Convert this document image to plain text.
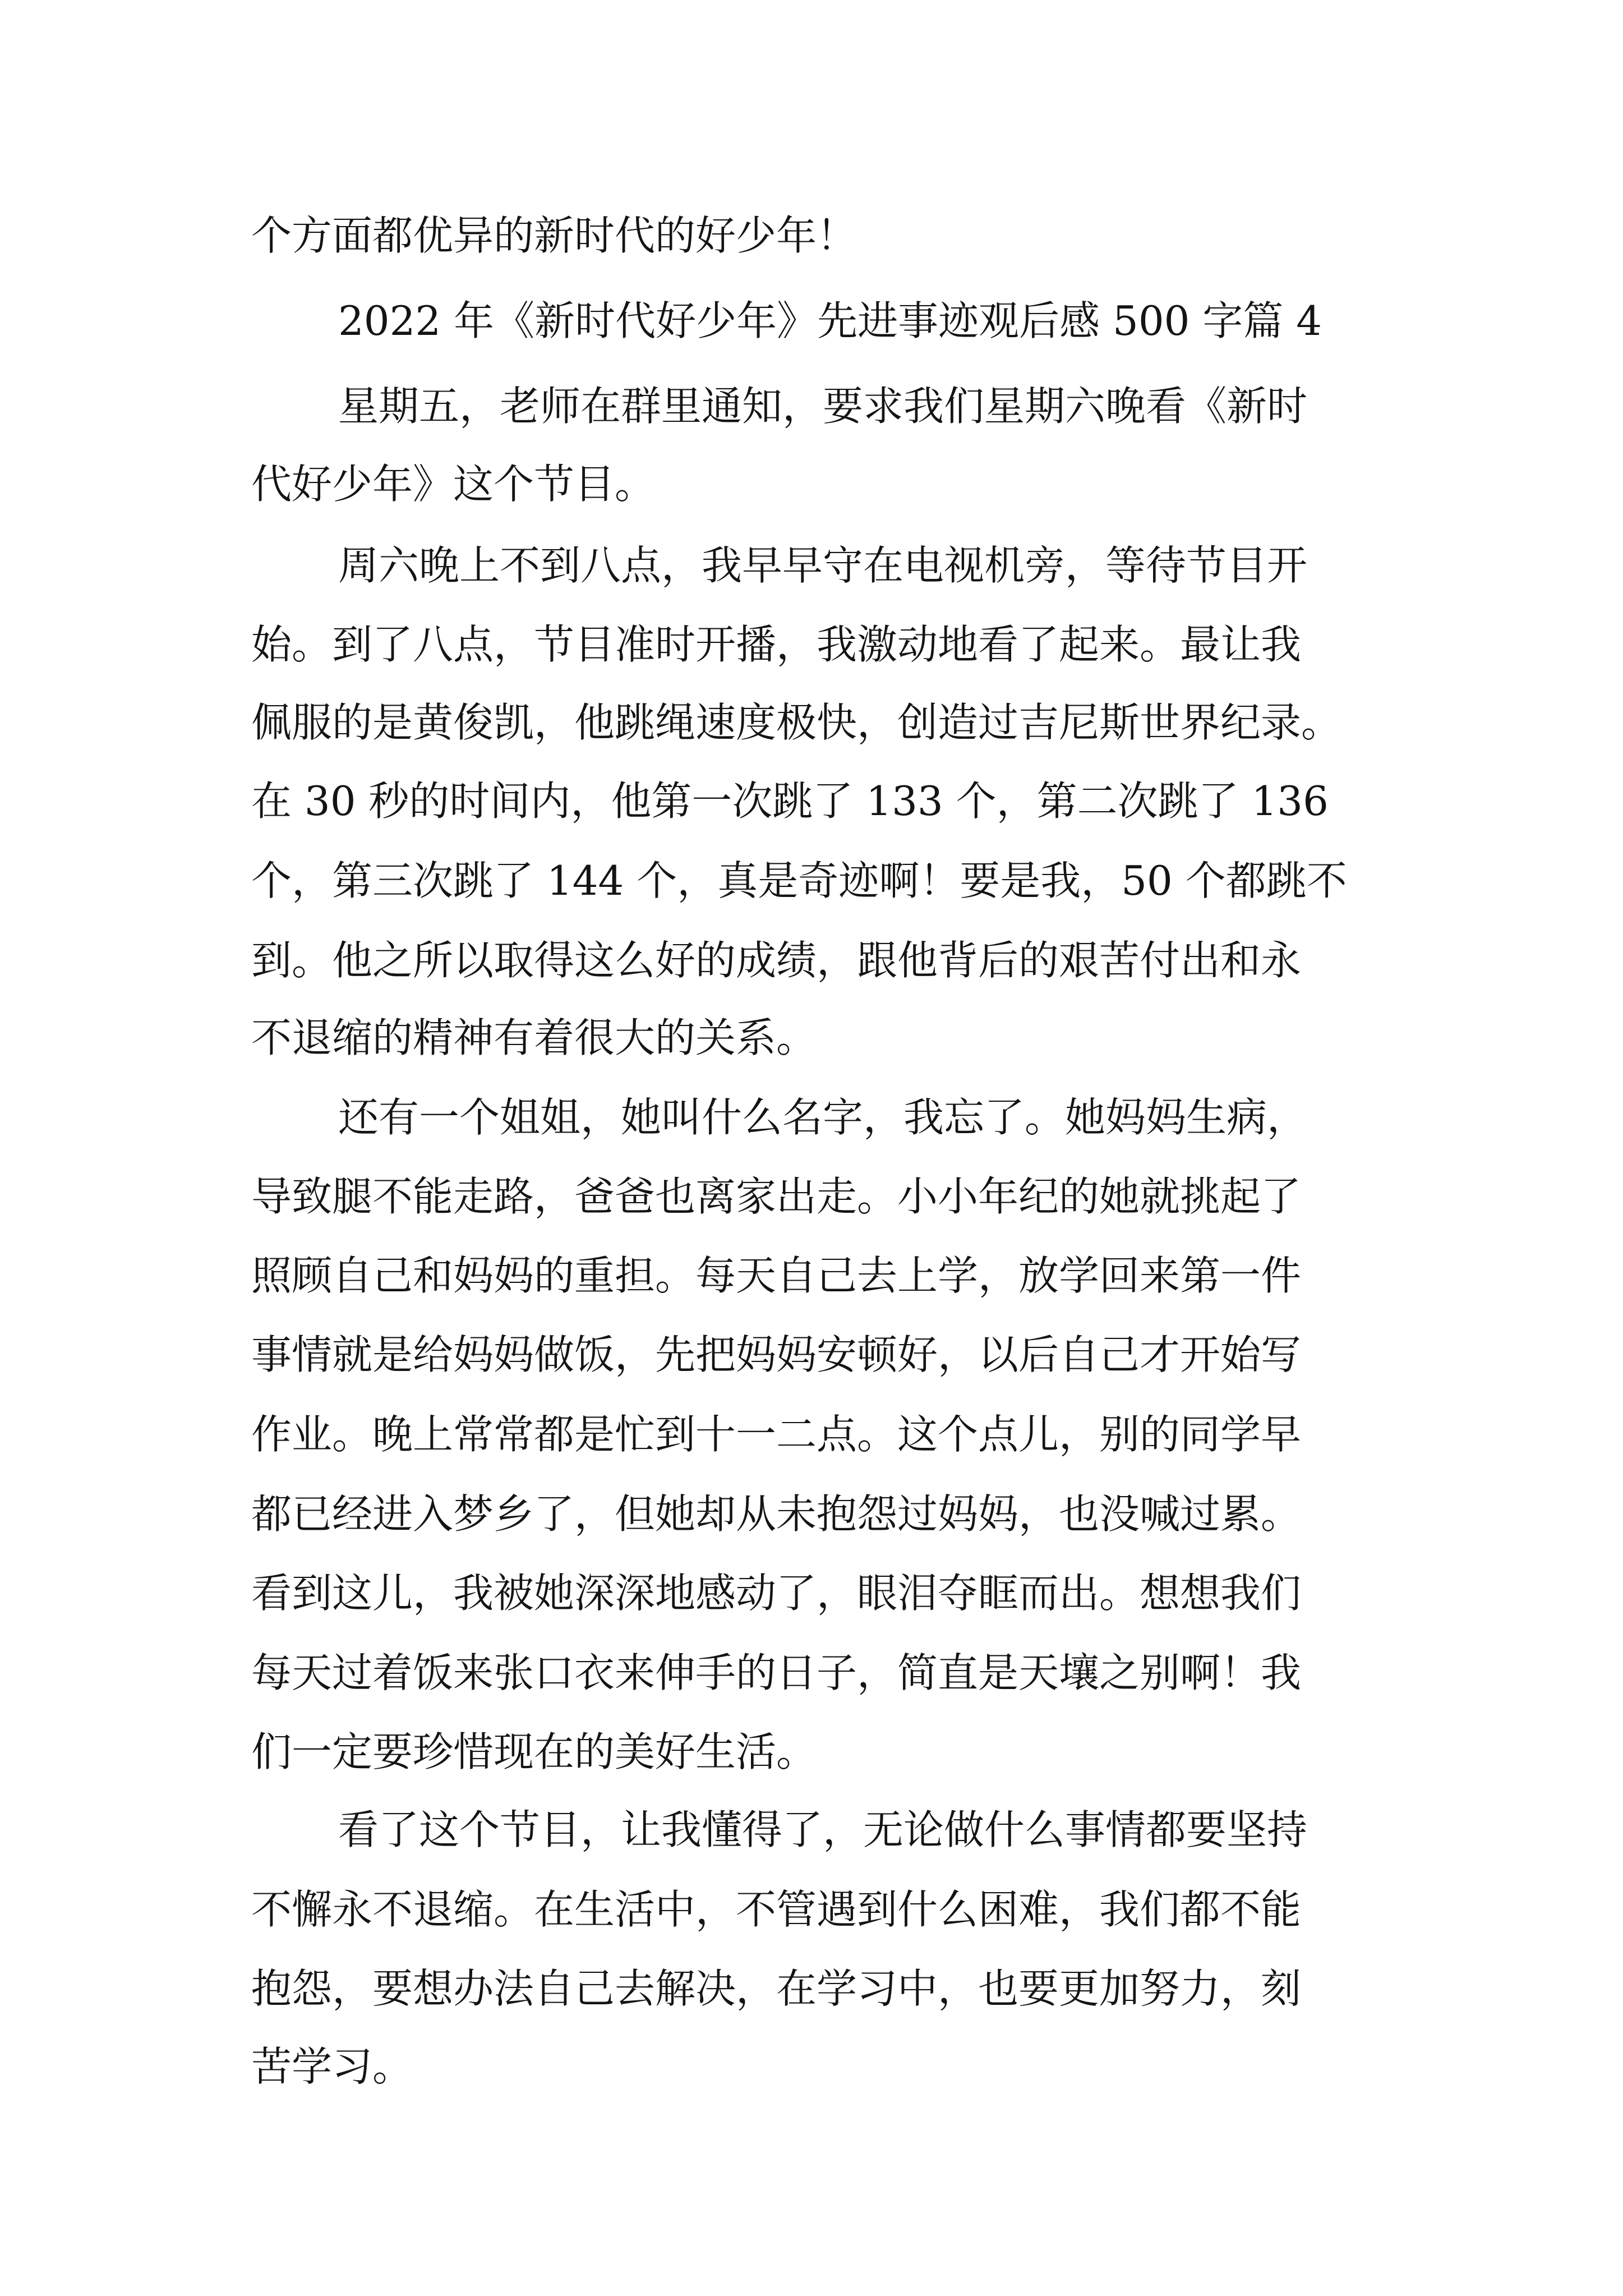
个方面都优异的新时代的好少年！

2022 年《新时代好少年》先进事迹观后感 500 字篇 4

星期五，老师在群里通知，要求我们星期六晚看《新时

代好少年》这个节目。

周六晚上不到八点，我早早守在电视机旁，等待节目开

始。到了八点，节目准时开播，我激动地看了起来。最让我

佩服的是黄俊凯，他跳绳速度极快，创造过吉尼斯世界纪录。

在 30 秒的时间内，他第一次跳了 133 个，第二次跳了 136

个，第三次跳了 144 个，真是奇迹啊！要是我，50 个都跳不

到。他之所以取得这么好的成绩，跟他背后的艰苦付出和永

不退缩的精神有着很大的关系。

还有一个姐姐，她叫什么名字，我忘了。她妈妈生病，

导致腿不能走路，爸爸也离家出走。小小年纪的她就挑起了

照顾自己和妈妈的重担。每天自己去上学，放学回来第一件

事情就是给妈妈做饭，先把妈妈安顿好，以后自己才开始写

作业。晚上常常都是忙到十一二点。这个点儿，别的同学早

都已经进入梦乡了，但她却从未抱怨过妈妈，也没喊过累。

看到这儿，我被她深深地感动了，眼泪夺眶而出。想想我们

每天过着饭来张口衣来伸手的日子，简直是天壤之别啊！我

们一定要珍惜现在的美好生活。

看了这个节目，让我懂得了，无论做什么事情都要坚持

不懈永不退缩。在生活中，不管遇到什么困难，我们都不能

抱怨，要想办法自己去解决，在学习中，也要更加努力，刻

苦学习。
